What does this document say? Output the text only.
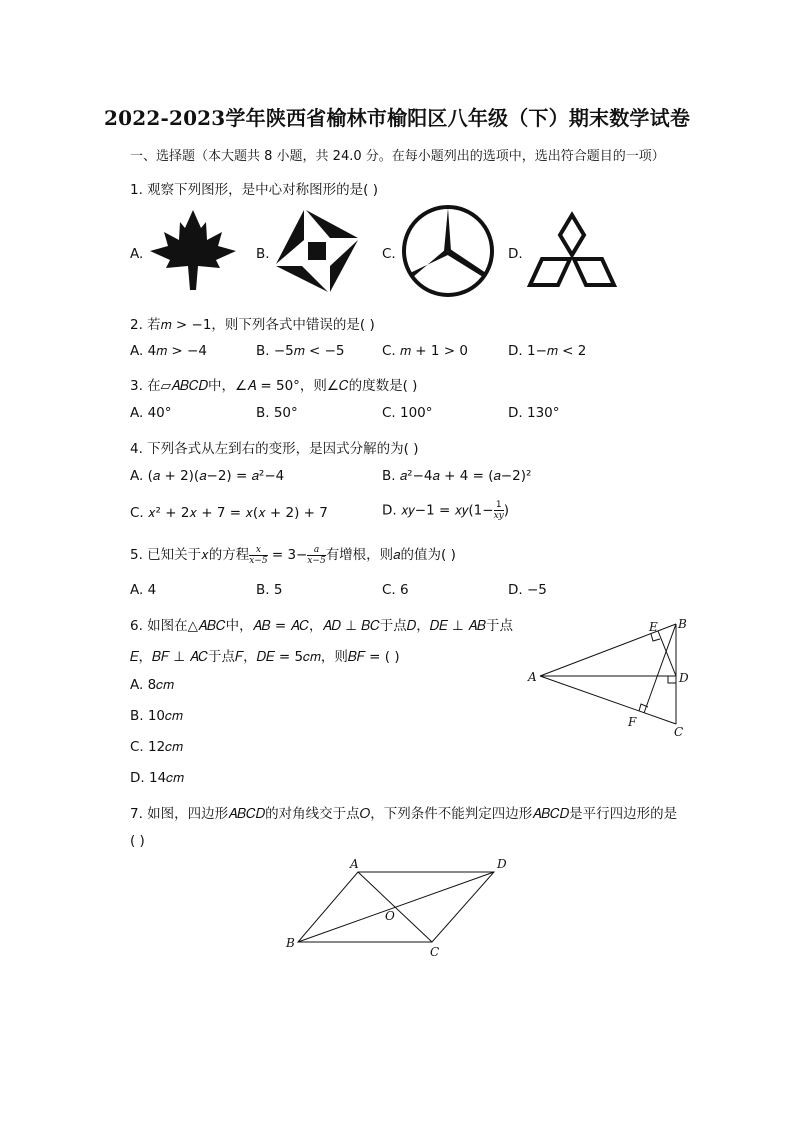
2022-2023学年陕西省榆林市榆阳区八年级（下）期末数学试卷
一、选择题（本大题共 8 小题，共 24.0 分。在每小题列出的选项中，选出符合题目的一项）
1. 观察下列图形，是中心对称图形的是( )
A.	B.	C.	D.
2. 若𝑚 > −1，则下列各式中错误的是( )
A. 4𝑚 > −4	B. −5𝑚 < −5	C. 𝑚 + 1 > 0	D. 1−𝑚 < 2
3. 在▱𝐴𝐵𝐶𝐷中，∠𝐴 = 50°，则∠𝐶的度数是( )
A. 40°	B. 50°	C. 100°	D. 130°
4. 下列各式从左到右的变形，是因式分解的为( )
A. (𝑎 + 2)(𝑎−2) = 𝑎²−4	B. 𝑎²−4𝑎 + 4 = (𝑎−2)²
C. 𝑥² + 2𝑥 + 7 = 𝑥(𝑥 + 2) + 7	D. 𝑥𝑦−1 = 𝑥𝑦(1− $\frac{1}{\text{𝑥𝑦}}$ )
5. 已知关于𝑥的方程 $\frac{\text{𝑥}}{\text{𝑥−5}} = 3- \frac{\text{𝑎}}{\text{𝑥−5}}$ 有增根，则𝑎的值为( )
A. 4	B. 5	C. 6	D. −5
6. 如图在△𝐴𝐵𝐶中，𝐴𝐵 = 𝐴𝐶，𝐴𝐷 ⊥ 𝐵𝐶于点𝐷，𝐷𝐸 ⊥ 𝐴𝐵于点
𝐸，𝐵𝐹 ⊥ 𝐴𝐶于点𝐹，𝐷𝐸 = 5𝑐𝑚，则𝐵𝐹 = ( )
A. 8𝑐𝑚
B. 10𝑐𝑚
C. 12𝑐𝑚
D. 14𝑐𝑚
A
B
C
D
E
F
7. 如图，四边形𝐴𝐵𝐶𝐷的对角线交于点𝑂，下列条件不能判定四边形𝐴𝐵𝐶𝐷是平行四边形的是
( )
A	D
B
C
O
